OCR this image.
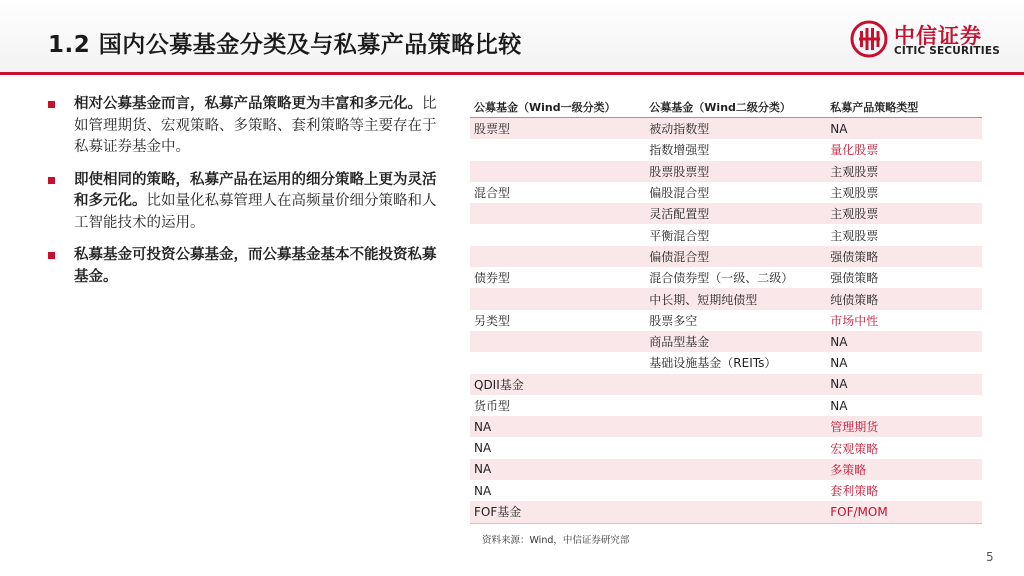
1.2 国内公募基金分类及与私募产品策略比较	中信证券
CITIC SECURITIES
相对公募基金而言，私募产品策略更为丰富和多元化。比如管理期货、宏观策略、多策略、套利策略等主要存在于私募证券基金中。
即使相同的策略，私募产品在运用的细分策略上更为灵活和多元化。比如量化私募管理人在高频量价细分策略和人工智能技术的运用。
私募基金可投资公募基金，而公募基金基本不能投资私募基金。
公募基金（Wind一级分类）	公募基金（Wind二级分类）	私募产品策略类型
股票型	被动指数型	NA
	指数增强型	量化股票
	股票股票型	主观股票
混合型	偏股混合型	主观股票
	灵活配置型	主观股票
	平衡混合型	主观股票
	偏债混合型	强债策略
债券型	混合债券型（一级、二级）	强债策略
	中长期、短期纯债型	纯债策略
另类型	股票多空	市场中性
	商品型基金	NA
	基础设施基金（REITs）	NA
QDII基金		NA
货币型		NA
NA		管理期货
NA		宏观策略
NA		多策略
NA		套利策略
FOF基金		FOF/MOM
资料来源：Wind，中信证券研究部
5
